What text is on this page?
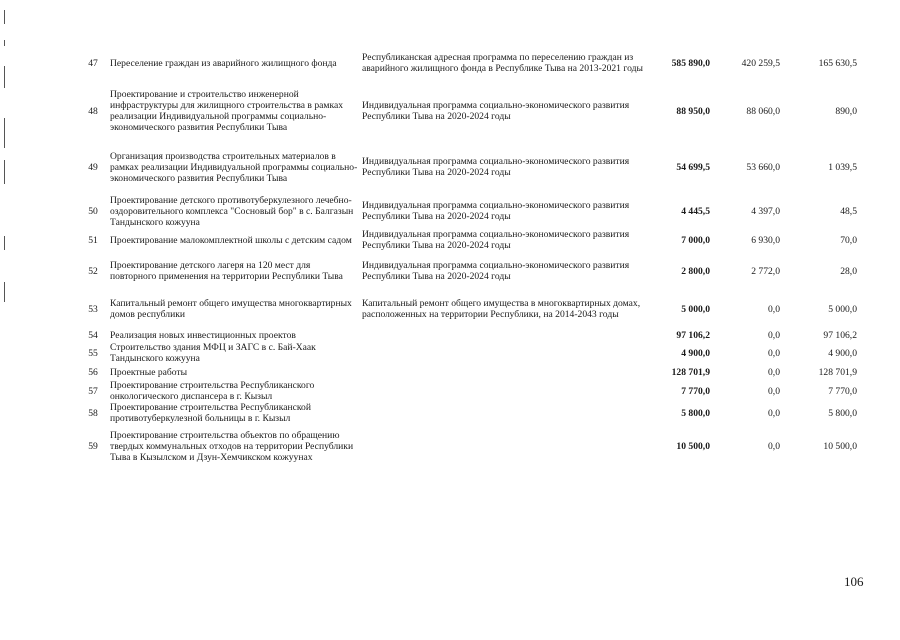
47	Переселение граждан из аварийного жилищного фонда	Республиканская адресная программа по переселению граждан из аварийного жилищного фонда в Республике Тыва на 2013-2021 годы	585 890,0	420 259,5	165 630,5
48	Проектирование и строительство инженерной инфраструктуры для жилищного строительства в рамках реализации Индивидуальной программы социально-экономического развития Республики Тыва	Индивидуальная программа социально-экономического развития Республики Тыва на 2020-2024 годы	88 950,0	88 060,0	890,0
49	Организация производства строительных материалов в рамках реализации Индивидуальной программы социально-экономического развития Республики Тыва	Индивидуальная программа социально-экономического развития Республики Тыва на 2020-2024 годы	54 699,5	53 660,0	1 039,5
50	Проектирование детского противотуберкулезного лечебно-оздоровительного комплекса "Сосновый бор" в с. Балгазын Тандынского кожууна	Индивидуальная программа социально-экономического развития Республики Тыва на 2020-2024 годы	4 445,5	4 397,0	48,5
51	Проектирование малокомплектной школы с детским садом	Индивидуальная программа социально-экономического развития Республики Тыва на 2020-2024 годы	7 000,0	6 930,0	70,0
52	Проектирование детского лагеря на 120 мест для повторного применения на территории Республики Тыва	Индивидуальная программа социально-экономического развития Республики Тыва на 2020-2024 годы	2 800,0	2 772,0	28,0
53	Капитальный ремонт общего имущества многоквартирных домов республики	Капитальный ремонт общего имущества в многоквартирных домах, расположенных на территории Республики, на 2014-2043 годы	5 000,0	0,0	5 000,0
54	Реализация новых инвестиционных проектов		97 106,2	0,0	97 106,2
55	Строительство здания МФЦ и ЗАГС в с. Бай-Хаак Тандынского кожууна		4 900,0	0,0	4 900,0
56	Проектные работы		128 701,9	0,0	128 701,9
57	Проектирование строительства Республиканского онкологического диспансера в г. Кызыл		7 770,0	0,0	7 770,0
58	Проектирование строительства Республиканской противотуберкулезной больницы в г. Кызыл		5 800,0	0,0	5 800,0
59	Проектирование строительства объектов по обращению твердых коммунальных отходов на территории Республики Тыва в Кызылском и Дзун-Хемчикском кожуунах		10 500,0	0,0	10 500,0
106
